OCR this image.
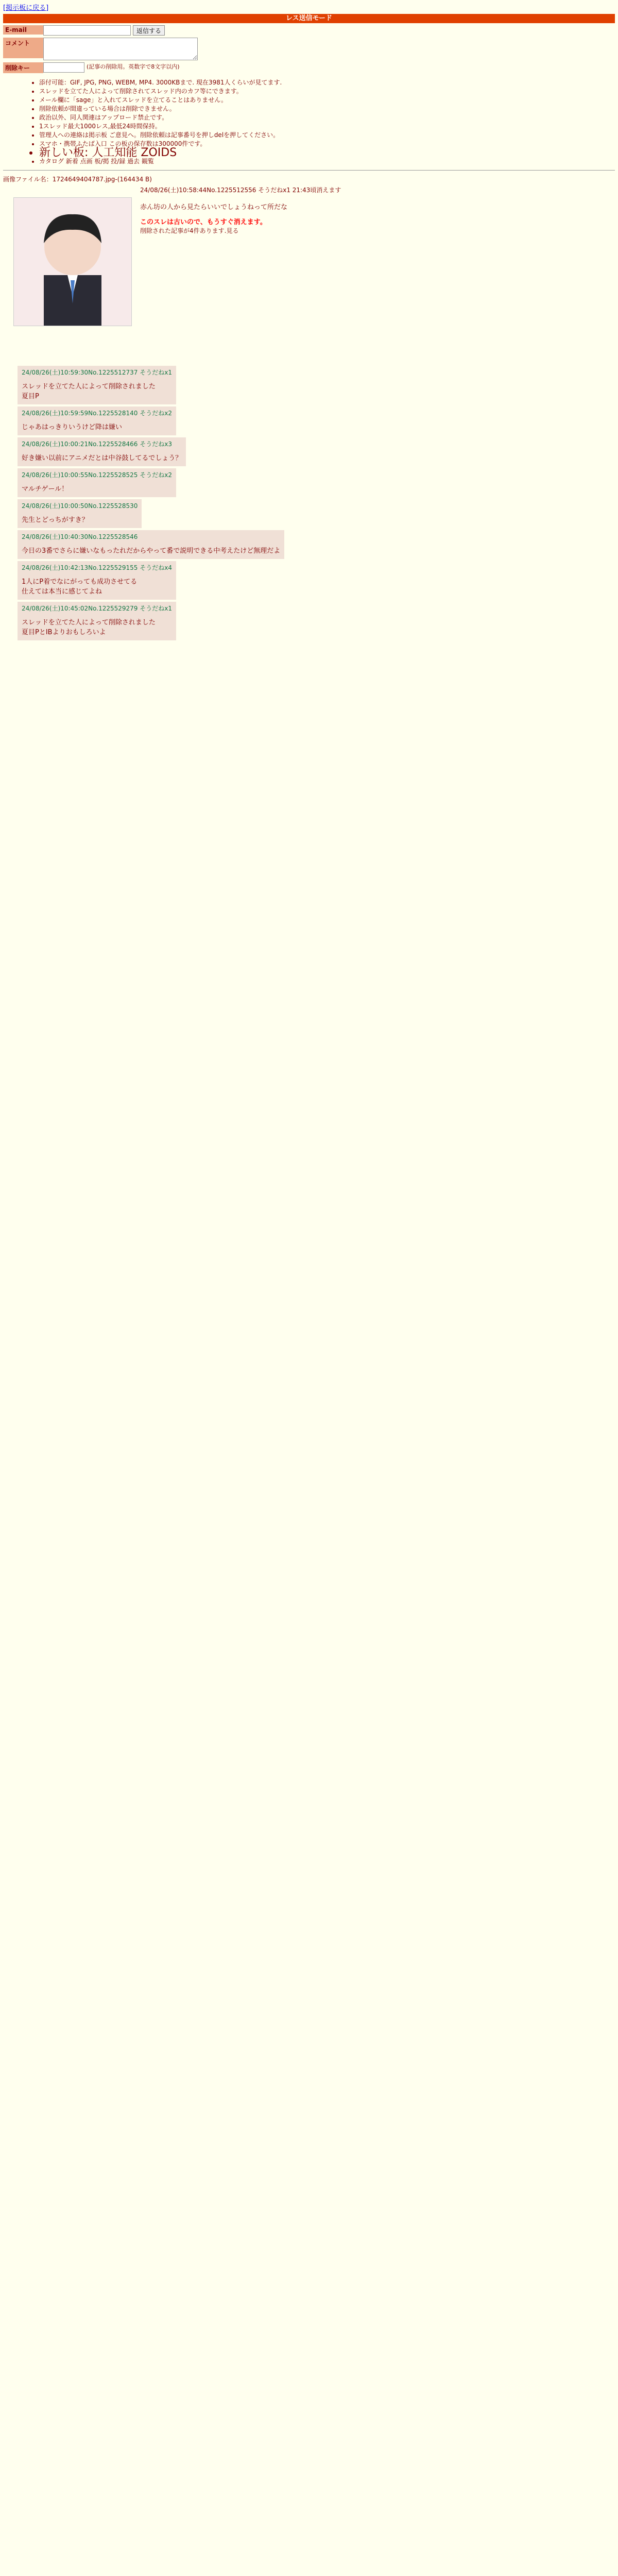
[掲示板に戻る]
レス送信モード
E-mail	返信する
コメント
削除キー	(記事の削除用。英数字で8文字以内)
• 添付可能：GIF, JPG, PNG, WEBM, MP4. 3000KBまで. 現在3981人くらいが見てます.
• スレッドを立てた人によって削除されてスレッド内のカフ等にできます。
• メール欄に「sage」と入れてスレッドを立てることはありません。
• 削除依頼が間違っている場合は削除できません。
• 政治以外、同人関連はアップロード禁止です。
• 1スレッド最大1000レス,最低24時間保持。
• 管理人への連絡は掲示板 ご意見へ。削除依頼は記事番号を押しdelを押してください。
• スマホ・携帯ふたば入口 この板の保存数は300000件です。
• 新しい板: 人工知能 ZOIDS
• カタログ 新着 点画 板/掲 投/録 過去 観覧
画像ファイル名：1724649404787.jpg-(164434 B)
24/08/26(土)10:58:44No.1225512556 そうだねx1 21:43頃消えます
赤ん坊の人から見たらいいでしょうねって所だな
このスレは古いので、もうすぐ消えます。
削除された記事が4件あります.見る
24/08/26(土)10:59:30No.1225512737 そうだねx1
スレッドを立てた人によって削除されました
夏目P
24/08/26(土)10:59:59No.1225528140 そうだねx2
じゃあはっきりいうけど降は嫌い
24/08/26(土)10:00:21No.1225528466 そうだねx3
好き嫌い以前にアニメだとは中谷鼓してるでしょう？
24/08/26(土)10:00:55No.1225528525 そうだねx2
マルチゲール！
24/08/26(土)10:00:50No.1225528530
先生とどっちがすき？
24/08/26(土)10:40:30No.1225528546
今日の3番でさらに嫌いなもったれだからやって番で説明できる中考えたけど無理だよ
24/08/26(土)10:42:13No.1225529155 そうだねx4
1人にP着でなにがっても成功させてる
仕えては本当に感じてよね
24/08/26(土)10:45:02No.1225529279 そうだねx1
スレッドを立てた人によって削除されました
夏目PとIBよりおもしろいよ
